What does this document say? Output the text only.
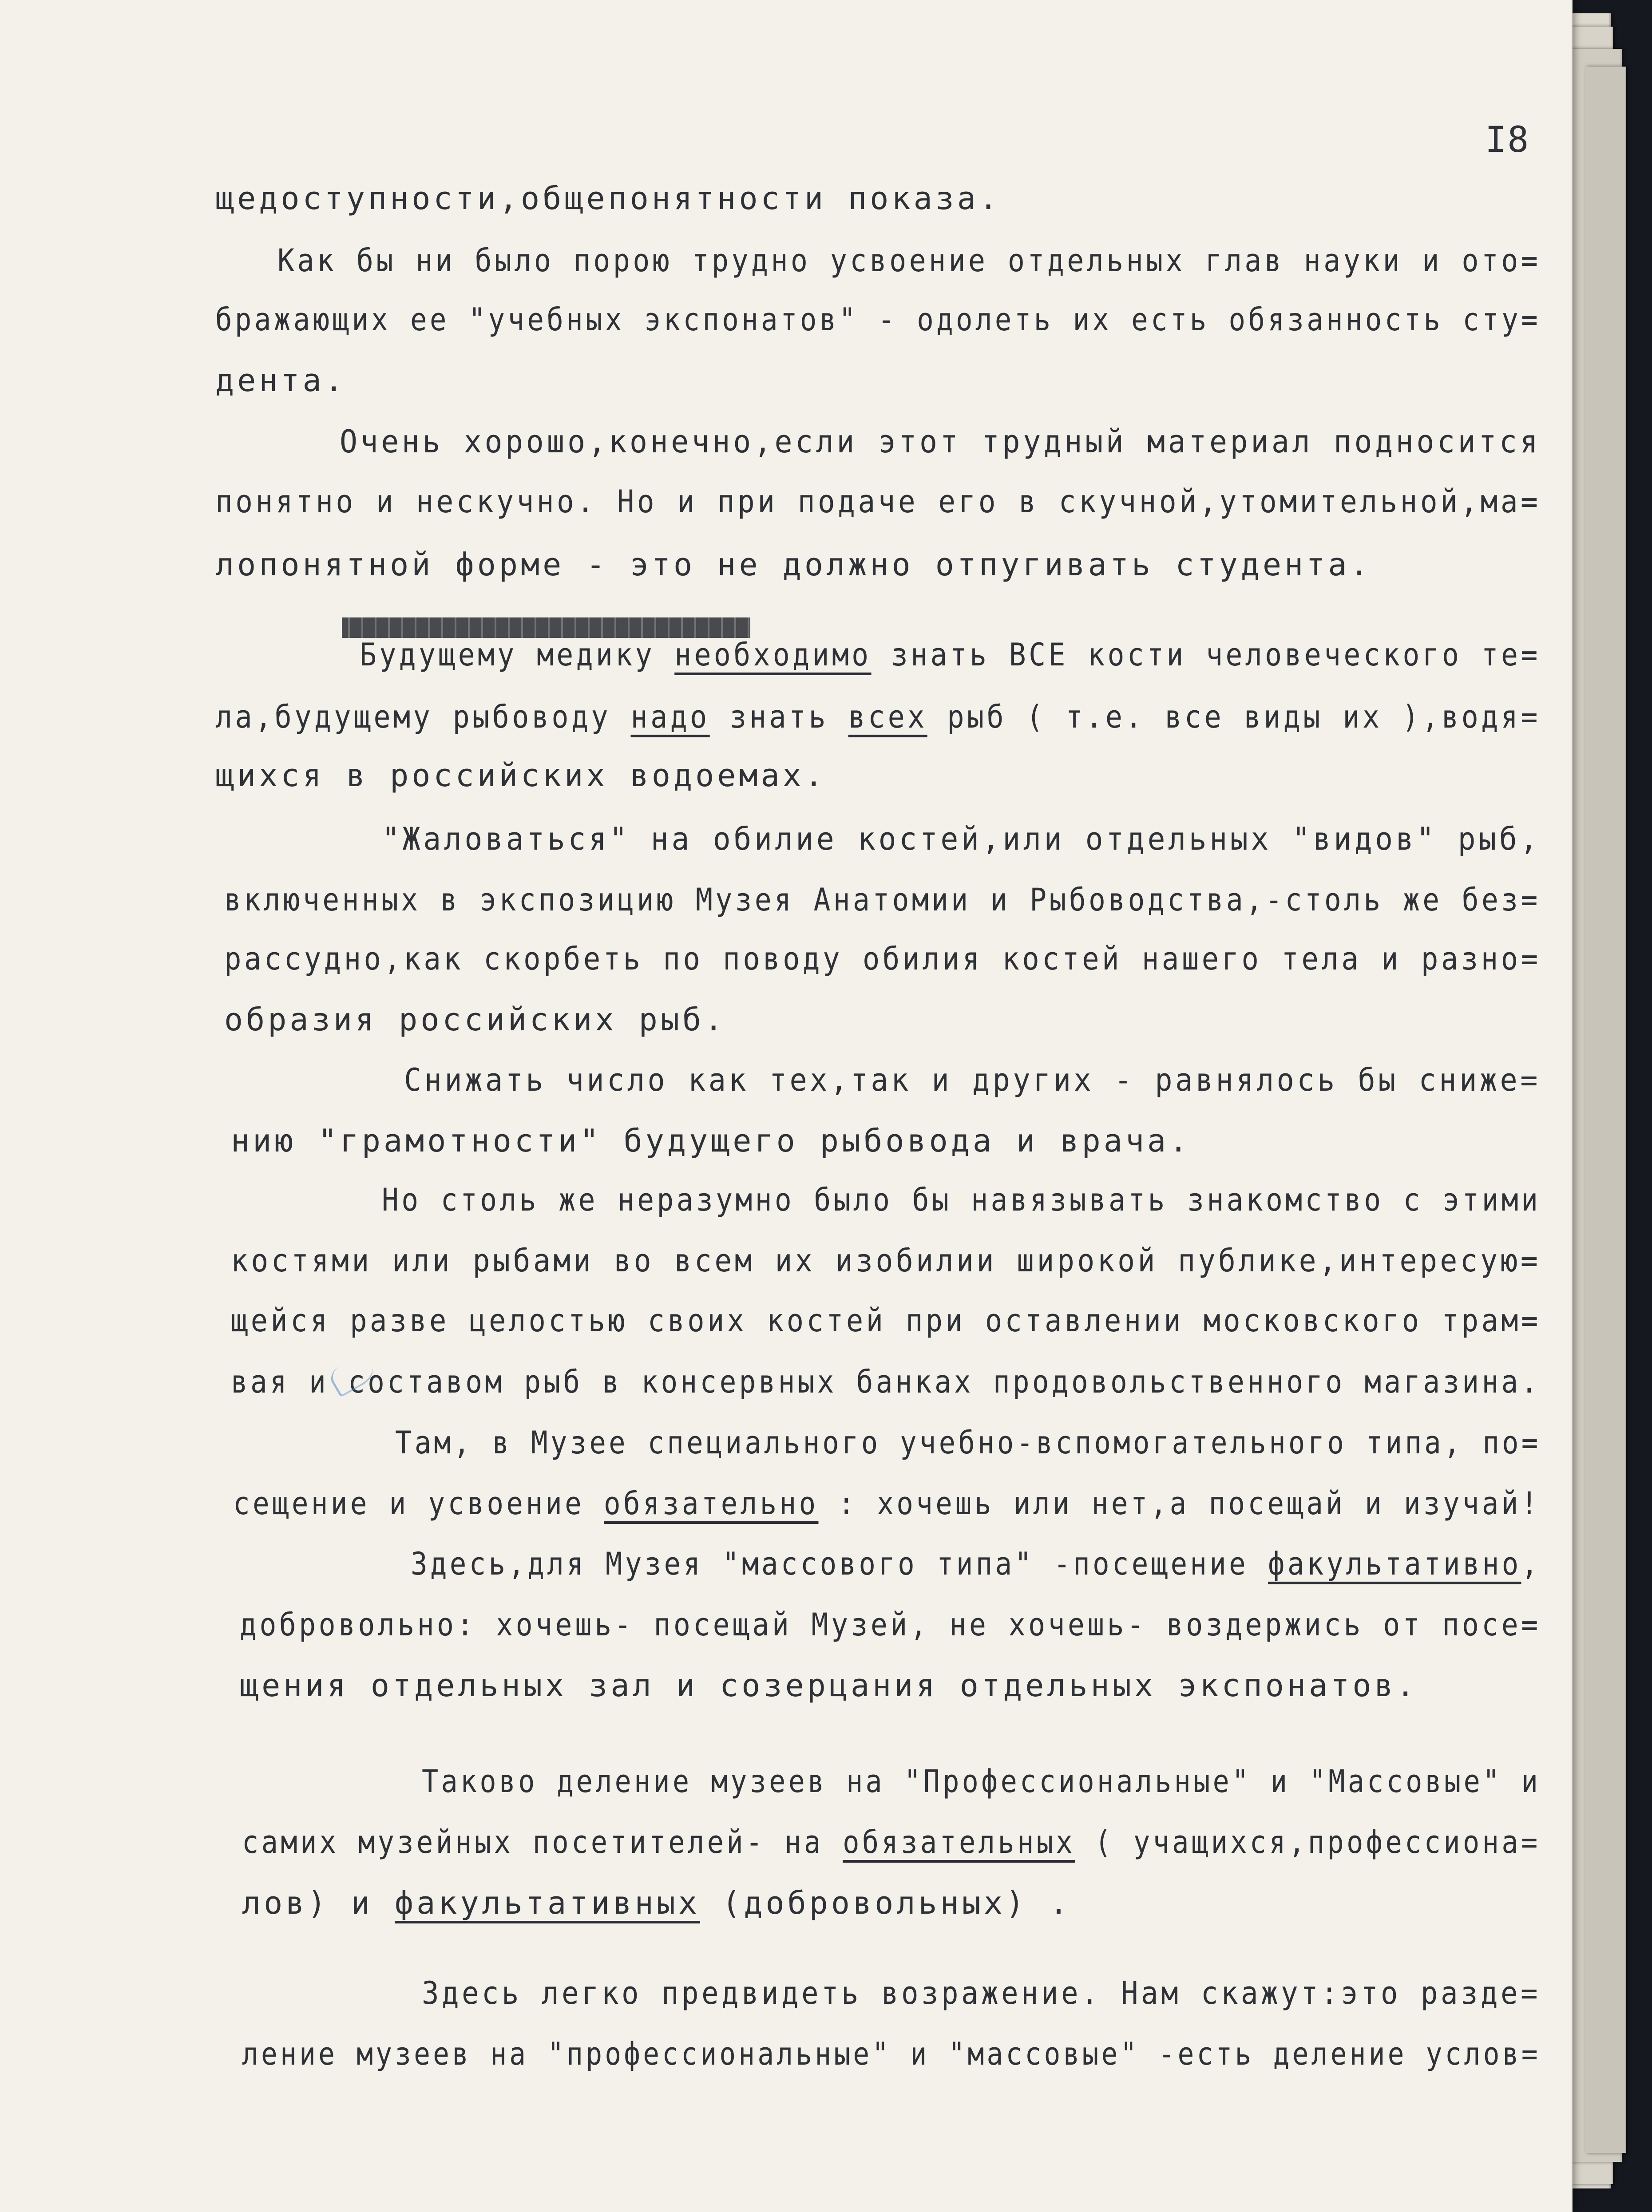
I8
щедоступности,общепонятности показа.
Как бы ни было порою трудно усвоение отдельных глав науки и ото=
бражающих ее "учебных экспонатов" - одолеть их есть обязанность сту=
дента.
Очень хорошо,конечно,если этот трудный материал подносится
понятно и нескучно. Но и при подаче его в скучной,утомительной,ма=
лопонятной форме - это не должно отпугивать студента.
Будущему медику необходимо знать ВСЕ кости человеческого те=
ла,будущему рыбоводу надо знать всех рыб ( т.е. все виды их ),водя=
щихся в российских водоемах.
"Жаловаться" на обилие костей,или отдельных "видов" рыб,
включенных в экспозицию Музея Анатомии и Рыбоводства,-столь же без=
рассудно,как скорбеть по поводу обилия костей нашего тела и разно=
образия российских рыб.
Снижать число как тех,так и других - равнялось бы сниже=
нию "грамотности" будущего рыбовода и врача.
Но столь же неразумно было бы навязывать знакомство с этими
костями или рыбами во всем их изобилии широкой публике,интересую=
щейся разве целостью своих костей при оставлении московского трам=
вая и составом рыб в консервных банках продовольственного магазина.
Там, в Музее специального учебно-вспомогательного типа, по=
сещение и усвоение обязательно : хочешь или нет,а посещай и изучай!
Здесь,для Музея "массового типа" -посещение факультативно,
добровольно: хочешь- посещай Музей, не хочешь- воздержись от посе=
щения отдельных зал и созерцания отдельных экспонатов.
Таково деление музеев на "Профессиональные" и "Массовые" и
самих музейных посетителей- на обязательных ( учащихся,профессиона=
лов) и факультативных (добровольных) .
Здесь легко предвидеть возражение. Нам скажут:это разде=
ление музеев на "профессиональные" и "массовые" -есть деление услов=
